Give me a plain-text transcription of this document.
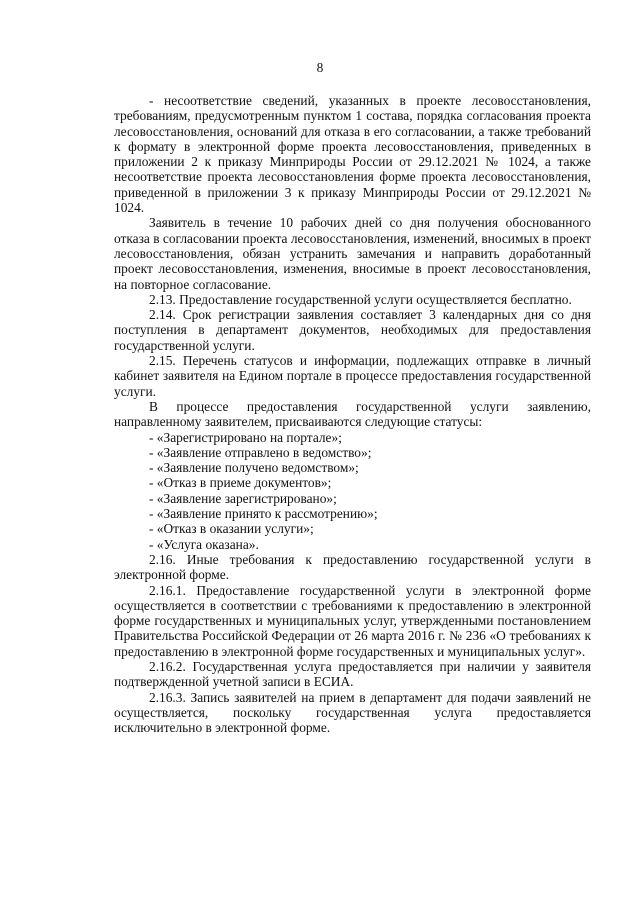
8

- несоответствие сведений, указанных в проекте лесовосстановления, требованиям, предусмотренным пунктом 1 состава, порядка согласования проекта лесовосстановления, оснований для отказа в его согласовании, а также требований к формату в электронной форме проекта лесовосстановления, приведенных в приложении 2 к приказу Минприроды России от 29.12.2021 № 1024, а также несоответствие проекта лесовосстановления форме проекта лесовосстановления, приведенной в приложении 3 к приказу Минприроды России от 29.12.2021 № 1024.

Заявитель в течение 10 рабочих дней со дня получения обоснованного отказа в согласовании проекта лесовосстановления, изменений, вносимых в проект лесовосстановления, обязан устранить замечания и направить доработанный проект лесовосстановления, изменения, вносимые в проект лесовосстановления, на повторное согласование.

2.13. Предоставление государственной услуги осуществляется бесплатно.

2.14. Срок регистрации заявления составляет 3 календарных дня со дня поступления в департамент документов, необходимых для предоставления государственной услуги.

2.15. Перечень статусов и информации, подлежащих отправке в личный кабинет заявителя на Едином портале в процессе предоставления государственной услуги.

В процессе предоставления государственной услуги заявлению, направленному заявителем, присваиваются следующие статусы:

- «Зарегистрировано на портале»;
- «Заявление отправлено в ведомство»;
- «Заявление получено ведомством»;
- «Отказ в приеме документов»;
- «Заявление зарегистрировано»;
- «Заявление принято к рассмотрению»;
- «Отказ в оказании услуги»;
- «Услуга оказана».

2.16. Иные требования к предоставлению государственной услуги в электронной форме.

2.16.1. Предоставление государственной услуги в электронной форме осуществляется в соответствии с требованиями к предоставлению в электронной форме государственных и муниципальных услуг, утвержденными постановлением Правительства Российской Федерации от 26 марта 2016 г. № 236 «О требованиях к предоставлению в электронной форме государственных и муниципальных услуг».

2.16.2. Государственная услуга предоставляется при наличии у заявителя подтвержденной учетной записи в ЕСИА.

2.16.3. Запись заявителей на прием в департамент для подачи заявлений не осуществляется, поскольку государственная услуга предоставляется исключительно в электронной форме.
